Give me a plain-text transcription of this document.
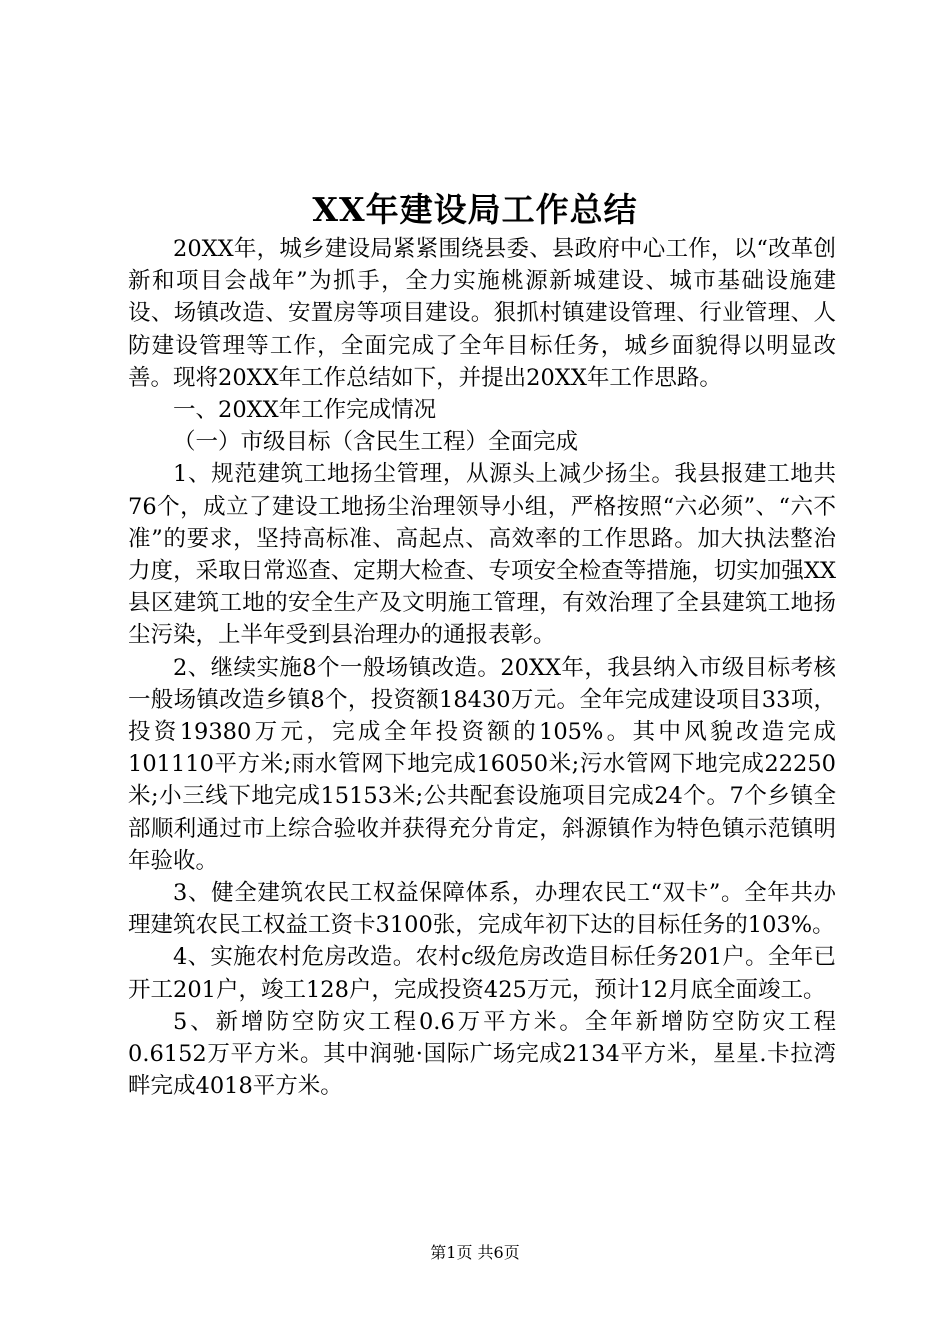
XX年建设局工作总结

20XX年，城乡建设局紧紧围绕县委、县政府中心工作，以“改革创新和项目会战年”为抓手，全力实施桃源新城建设、城市基础设施建设、场镇改造、安置房等项目建设。狠抓村镇建设管理、行业管理、人防建设管理等工作，全面完成了全年目标任务，城乡面貌得以明显改善。现将20XX年工作总结如下，并提出20XX年工作思路。

一、20XX年工作完成情况

（一）市级目标（含民生工程）全面完成

1、规范建筑工地扬尘管理，从源头上减少扬尘。我县报建工地共76个，成立了建设工地扬尘治理领导小组，严格按照“六必须”、“六不准”的要求，坚持高标准、高起点、高效率的工作思路。加大执法整治力度，采取日常巡查、定期大检查、专项安全检查等措施，切实加强XX县区建筑工地的安全生产及文明施工管理，有效治理了全县建筑工地扬尘污染，上半年受到县治理办的通报表彰。

2、继续实施8个一般场镇改造。20XX年，我县纳入市级目标考核一般场镇改造乡镇8个，投资额18430万元。全年完成建设项目33项，投资19380万元，完成全年投资额的105%。其中风貌改造完成101110平方米;雨水管网下地完成16050米;污水管网下地完成22250米;小三线下地完成15153米;公共配套设施项目完成24个。7个乡镇全部顺利通过市上综合验收并获得充分肯定，斜源镇作为特色镇示范镇明年验收。

3、健全建筑农民工权益保障体系，办理农民工“双卡”。全年共办理建筑农民工权益工资卡3100张，完成年初下达的目标任务的103%。

4、实施农村危房改造。农村c级危房改造目标任务201户。全年已开工201户，竣工128户，完成投资425万元，预计12月底全面竣工。

5、新增防空防灾工程0.6万平方米。全年新增防空防灾工程0.6152万平方米。其中润驰·国际广场完成2134平方米，星星.卡拉湾畔完成4018平方米。

第1页 共6页
